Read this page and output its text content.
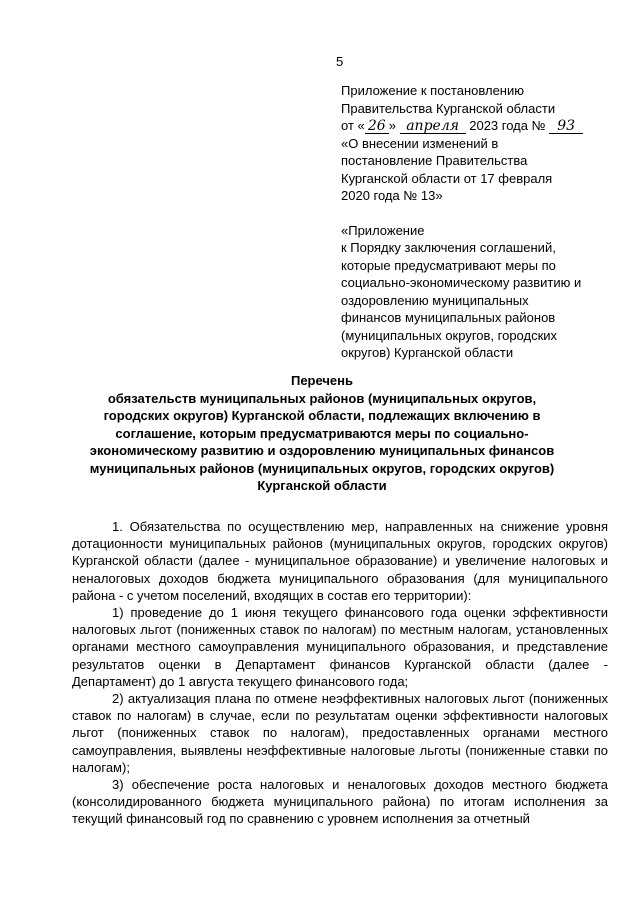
5
Приложение к постановлению
Правительства Курганской области
от « 26 » апреля 2023 года № 93
«О внесении изменений в
постановление Правительства
Курганской области от 17 февраля
2020 года № 13»
«Приложение
к Порядку заключения соглашений,
которые предусматривают меры по
социально-экономическому развитию и
оздоровлению муниципальных
финансов муниципальных районов
(муниципальных округов, городских
округов) Курганской области
Перечень
обязательств муниципальных районов (муниципальных округов,
городских округов) Курганской области, подлежащих включению в
соглашение, которым предусматриваются меры по социально-
экономическому развитию и оздоровлению муниципальных финансов
муниципальных районов (муниципальных округов, городских округов)
Курганской области

1. Обязательства по осуществлению мер, направленных на снижение уровня дотационности муниципальных районов (муниципальных округов, городских округов) Курганской области (далее - муниципальное образование) и увеличение налоговых и неналоговых доходов бюджета муниципального образования (для муниципального района - с учетом поселений, входящих в состав его территории):

1) проведение до 1 июня текущего финансового года оценки эффективности налоговых льгот (пониженных ставок по налогам) по местным налогам, установленных органами местного самоуправления муниципального образования, и представление результатов оценки в Департамент финансов Курганской области (далее - Департамент) до 1 августа текущего финансового года;

2) актуализация плана по отмене неэффективных налоговых льгот (пониженных ставок по налогам) в случае, если по результатам оценки эффективности налоговых льгот (пониженных ставок по налогам), предоставленных органами местного самоуправления, выявлены неэффективные налоговые льготы (пониженные ставки по налогам);

3) обеспечение роста налоговых и неналоговых доходов местного бюджета (консолидированного бюджета муниципального района) по итогам исполнения за текущий финансовый год по сравнению с уровнем исполнения за отчетный
